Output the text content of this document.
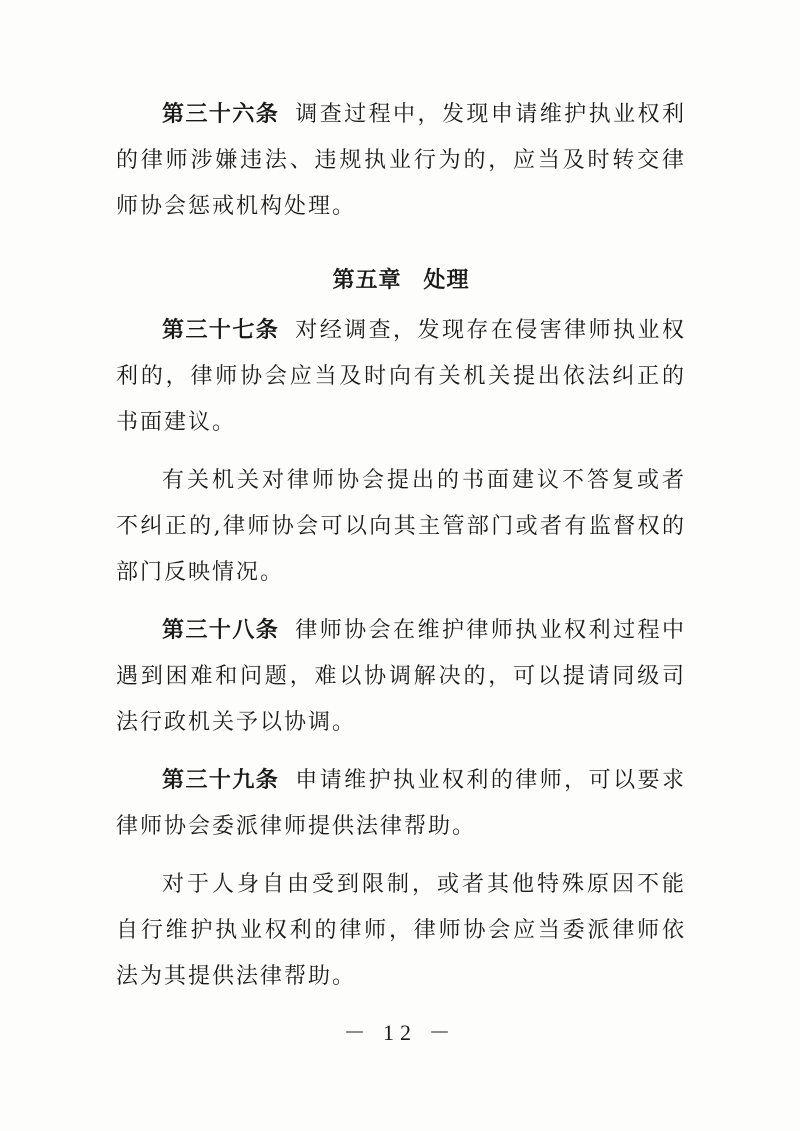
第三十六条 调查过程中，发现申请维护执业权利的律师涉嫌违法、违规执业行为的，应当及时转交律师协会惩戒机构处理。

第五章 处理

第三十七条 对经调查，发现存在侵害律师执业权利的，律师协会应当及时向有关机关提出依法纠正的书面建议。

有关机关对律师协会提出的书面建议不答复或者不纠正的,律师协会可以向其主管部门或者有监督权的部门反映情况。

第三十八条 律师协会在维护律师执业权利过程中遇到困难和问题，难以协调解决的，可以提请同级司法行政机关予以协调。

第三十九条 申请维护执业权利的律师，可以要求律师协会委派律师提供法律帮助。

对于人身自由受到限制，或者其他特殊原因不能自行维护执业权利的律师，律师协会应当委派律师依法为其提供法律帮助。

－ 12 －
